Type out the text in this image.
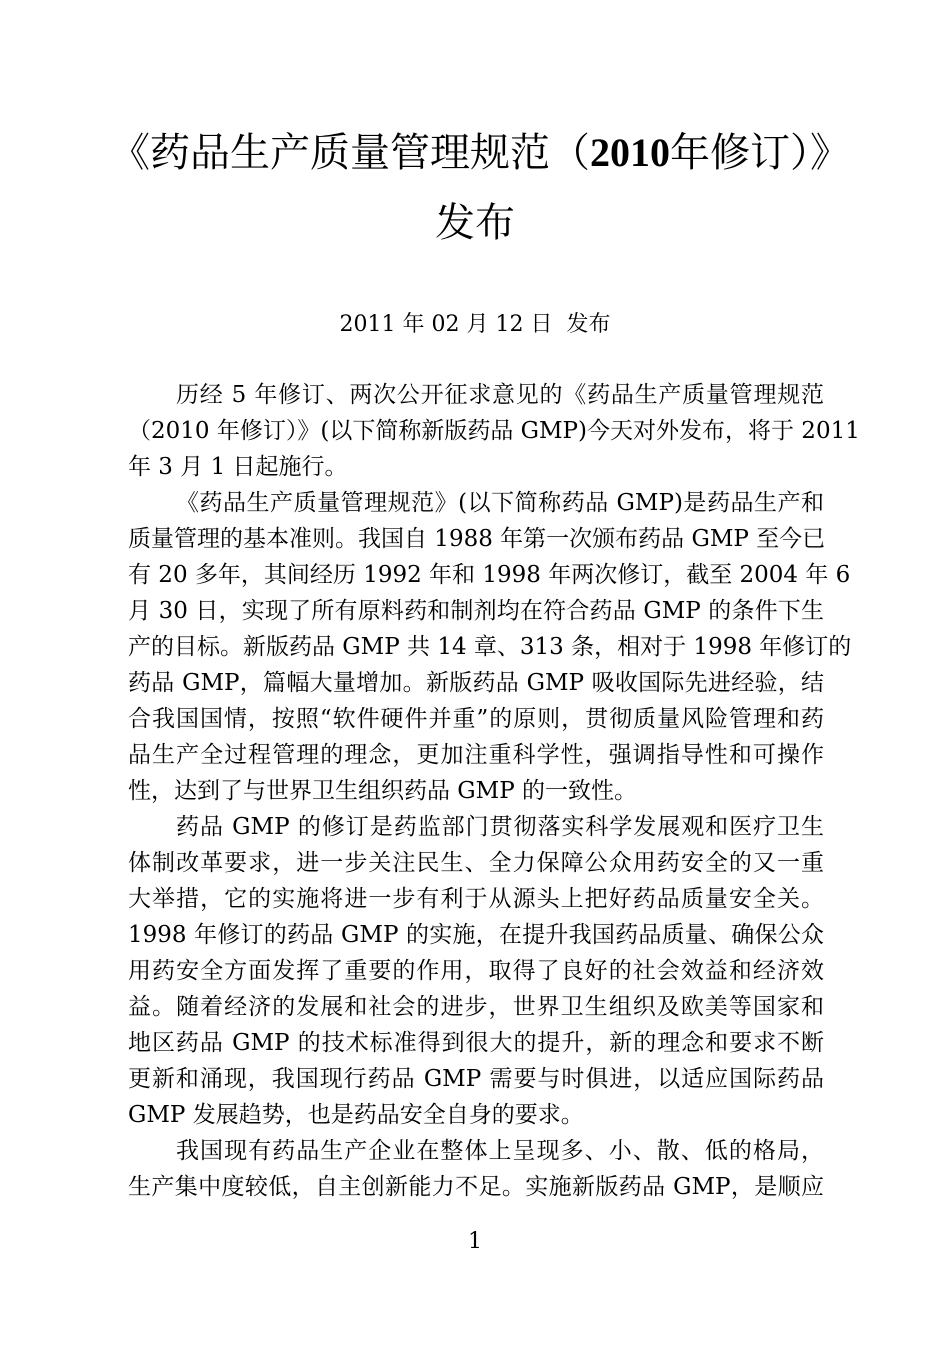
《药品生产质量管理规范（2010年修订）》
发布

2011 年 02 月 12 日  发布

历经 5 年修订、两次公开征求意见的《药品生产质量管理规范
（2010 年修订）》(以下简称新版药品 GMP)今天对外发布，将于 2011
年 3 月 1 日起施行。

《药品生产质量管理规范》(以下简称药品 GMP)是药品生产和
质量管理的基本准则。我国自 1988 年第一次颁布药品 GMP 至今已
有 20 多年，其间经历 1992 年和 1998 年两次修订，截至 2004 年 6
月 30 日，实现了所有原料药和制剂均在符合药品 GMP 的条件下生
产的目标。新版药品 GMP 共 14 章、313 条，相对于 1998 年修订的
药品 GMP，篇幅大量增加。新版药品 GMP 吸收国际先进经验，结
合我国国情，按照“软件硬件并重”的原则，贯彻质量风险管理和药
品生产全过程管理的理念，更加注重科学性，强调指导性和可操作
性，达到了与世界卫生组织药品 GMP 的一致性。

药品 GMP 的修订是药监部门贯彻落实科学发展观和医疗卫生
体制改革要求，进一步关注民生、全力保障公众用药安全的又一重
大举措，它的实施将进一步有利于从源头上把好药品质量安全关。
1998 年修订的药品 GMP 的实施，在提升我国药品质量、确保公众
用药安全方面发挥了重要的作用，取得了良好的社会效益和经济效
益。随着经济的发展和社会的进步，世界卫生组织及欧美等国家和
地区药品 GMP 的技术标准得到很大的提升，新的理念和要求不断
更新和涌现，我国现行药品 GMP 需要与时俱进，以适应国际药品
GMP 发展趋势，也是药品安全自身的要求。

我国现有药品生产企业在整体上呈现多、小、散、低的格局，
生产集中度较低，自主创新能力不足。实施新版药品 GMP，是顺应

1
